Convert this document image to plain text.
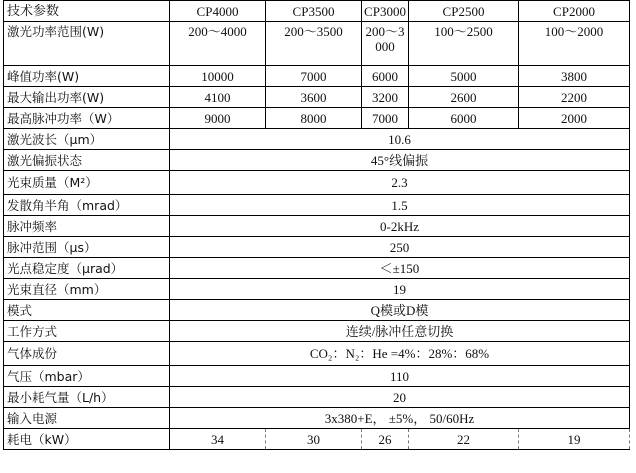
技术参数	CP4000	CP3500	CP3000	CP2500	CP2000
激光功率范围(W)	200～4000	200～3500	200～3000	100～2500	100～2000
峰值功率(W)	10000	7000	6000	5000	3800
最大输出功率(W)	4100	3600	3200	2600	2200
最高脉冲功率（W）	9000	8000	7000	6000	2000
激光波长（μm）	10.6				
激光偏振状态	45°线偏振				
光束质量（M²）	2.3				
发散角半角（mrad）	1.5				
脉冲频率	0-2kHz				
脉冲范围（μs）	250				
光点稳定度（μrad）	＜±150				
光束直径（mm）	19				
模式	Q模或D模				
工作方式	连续/脉冲任意切换				
气体成份	CO₂：N₂：He =4%：28%：68%				
气压（mbar）	110				
最小耗气量（L/h）	20				
输入电源	3x380+E， ±5%， 50/60Hz				
耗电（kW）	34	30	26	22	19
